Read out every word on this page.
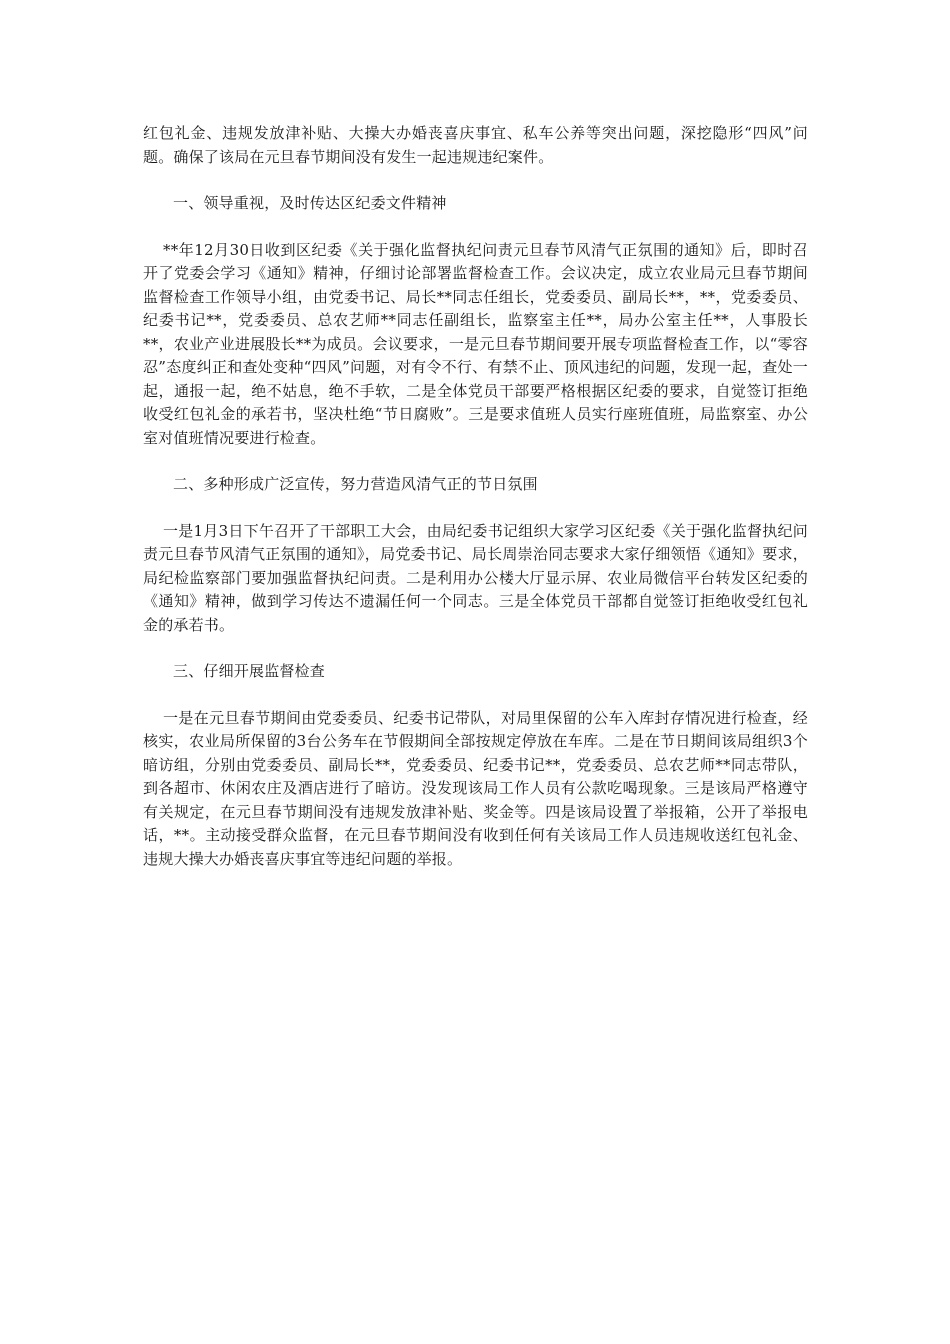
红包礼金、违规发放津补贴、大操大办婚丧喜庆事宜、私车公养等突出问题，深挖隐形“四风”问题。确保了该局在元旦春节期间没有发生一起违规违纪案件。

一、领导重视，及时传达区纪委文件精神

**年12月30日收到区纪委《关于强化监督执纪问责元旦春节风清气正氛围的通知》后，即时召开了党委会学习《通知》精神，仔细讨论部署监督检查工作。会议决定，成立农业局元旦春节期间监督检查工作领导小组，由党委书记、局长**同志任组长，党委委员、副局长**，**，党委委员、纪委书记**，党委委员、总农艺师**同志任副组长，监察室主任**，局办公室主任**，人事股长**，农业产业进展股长**为成员。会议要求，一是元旦春节期间要开展专项监督检查工作，以“零容忍”态度纠正和查处变种“四风”问题，对有令不行、有禁不止、顶风违纪的问题，发现一起，查处一起，通报一起，绝不姑息，绝不手软，二是全体党员干部要严格根据区纪委的要求，自觉签订拒绝收受红包礼金的承若书，坚决杜绝“节日腐败”。三是要求值班人员实行座班值班，局监察室、办公室对值班情况要进行检查。

二、多种形成广泛宣传，努力营造风清气正的节日氛围

一是1月3日下午召开了干部职工大会，由局纪委书记组织大家学习区纪委《关于强化监督执纪问责元旦春节风清气正氛围的通知》，局党委书记、局长周崇治同志要求大家仔细领悟《通知》要求，局纪检监察部门要加强监督执纪问责。二是利用办公楼大厅显示屏、农业局微信平台转发区纪委的《通知》精神，做到学习传达不遗漏任何一个同志。三是全体党员干部都自觉签订拒绝收受红包礼金的承若书。

三、仔细开展监督检查

一是在元旦春节期间由党委委员、纪委书记带队，对局里保留的公车入库封存情况进行检查，经核实，农业局所保留的3台公务车在节假期间全部按规定停放在车库。二是在节日期间该局组织3个暗访组，分别由党委委员、副局长**，党委委员、纪委书记**，党委委员、总农艺师**同志带队，到各超市、休闲农庄及酒店进行了暗访。没发现该局工作人员有公款吃喝现象。三是该局严格遵守有关规定，在元旦春节期间没有违规发放津补贴、奖金等。四是该局设置了举报箱，公开了举报电话，**。主动接受群众监督，在元旦春节期间没有收到任何有关该局工作人员违规收送红包礼金、违规大操大办婚丧喜庆事宜等违纪问题的举报。
